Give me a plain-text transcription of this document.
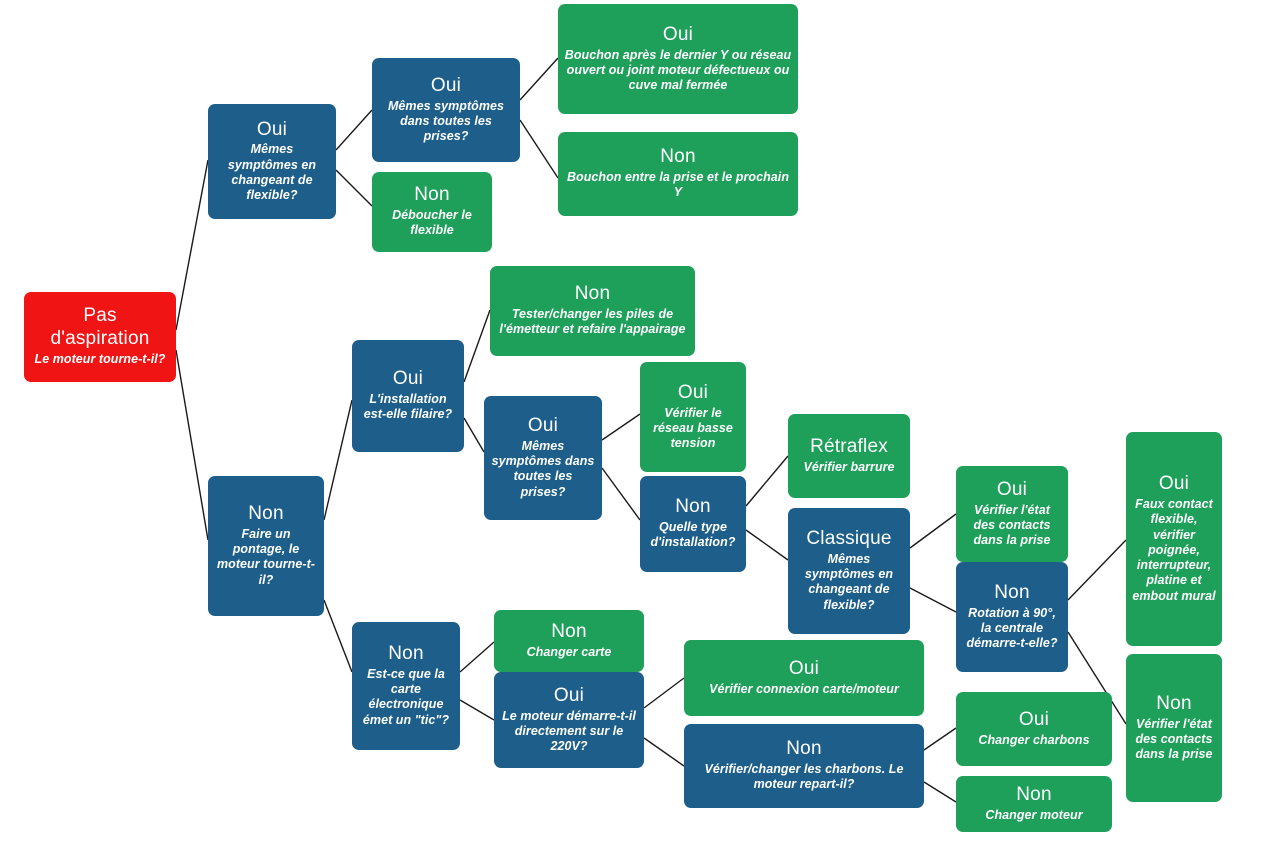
Pas
d'aspiration
Le moteur tourne-t-il?
Oui
Mêmes symptômes en changeant de flexible?
Oui
Mêmes symptômes dans toutes les prises?
Non
Déboucher le flexible
Oui
Bouchon après le dernier Y ou réseau ouvert ou joint moteur défectueux ou cuve mal fermée
Non
Bouchon entre la prise et le prochain Y
Non
Faire un pontage, le moteur tourne-t-il?
Oui
L'installation est-elle filaire?
Non
Tester/changer les piles de l'émetteur et refaire l'appairage
Oui
Mêmes symptômes dans toutes les prises?
Oui
Vérifier le réseau basse tension
Non
Quelle type d'installation?
Rétraflex
Vérifier barrure
Classique
Mêmes symptômes en changeant de flexible?
Oui
Vérifier l'état des contacts dans la prise
Non
Rotation à 90°, la centrale démarre-t-elle?
Oui
Faux contact flexible, vérifier poignée, interrupteur, platine et embout mural
Non
Vérifier l'état des contacts dans la prise
Non
Est-ce que la carte électronique émet un "tic"?
Non
Changer carte
Oui
Le moteur démarre-t-il directement sur le 220V?
Oui
Vérifier connexion carte/moteur
Non
Vérifier/changer les charbons. Le moteur repart-il?
Oui
Changer charbons
Non
Changer moteur
